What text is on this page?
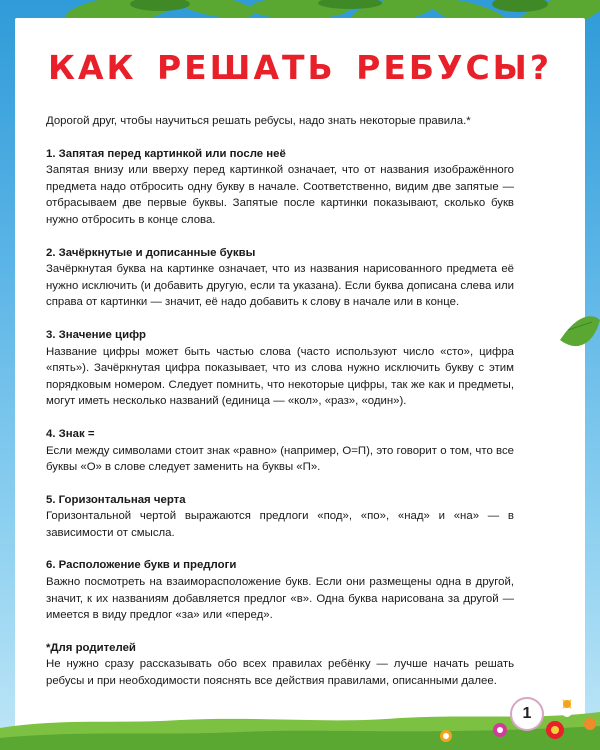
КАК РЕШАТЬ РЕБУСЫ?

Дорогой друг, чтобы научиться решать ребусы, надо знать некоторые правила.*

1. Запятая перед картинкой или после неё

Запятая внизу или вверху перед картинкой означает, что от названия изображённого предмета надо отбросить одну букву в начале. Соответственно, видим две запятые — отбрасываем две первые буквы. Запятые после картинки показывают, сколько букв нужно отбросить в конце слова.

2. Зачёркнутые и дописанные буквы

Зачёркнутая буква на картинке означает, что из названия нарисованного предмета её нужно исключить (и добавить другую, если та указана). Если буква дописана слева или справа от картинки — значит, её надо добавить к слову в начале или в конце.

3. Значение цифр

Название цифры может быть частью слова (часто используют число «сто», цифра «пять»). Зачёркнутая цифра показывает, что из слова нужно исключить букву с этим порядковым номером. Следует помнить, что некоторые цифры, так же как и предметы, могут иметь несколько названий (единица — «кол», «раз», «один»).

4. Знак =

Если между символами стоит знак «равно» (например, О=П), это говорит о том, что все буквы «О» в слове следует заменить на буквы «П».

5. Горизонтальная черта

Горизонтальной чертой выражаются предлоги «под», «по», «над» и «на» — в зависимости от смысла.

6. Расположение букв и предлоги

Важно посмотреть на взаиморасположение букв. Если они размещены одна в другой, значит, к их названиям добавляется предлог «в». Одна буква нарисована за другой — имеется в виду предлог «за» или «перед».

*Для родителей

Не нужно сразу рассказывать обо всех правилах ребёнку — лучше начать решать ребусы и при необходимости пояснять все действия правилами, описанными далее.

1
